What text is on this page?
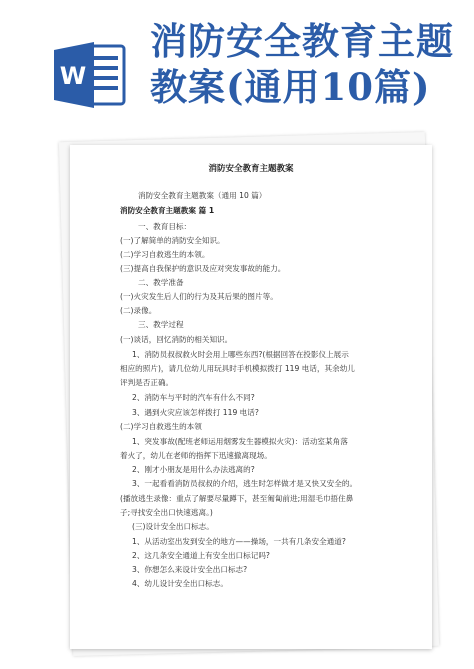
W
消防安全教育主题
教案(通用10篇)
消防安全教育主题教案
消防安全教育主题教案（通用 10 篇）
消防安全教育主题教案 篇 1
一、教育目标：
(一)了解简单的消防安全知识。
(二)学习自救逃生的本领。
(三)提高自我保护的意识及应对突发事故的能力。
二、教学准备
(一)火灾发生后人们的行为及其后果的图片等。
(二)录像。
三、教学过程
(一)谈话，回忆消防的相关知识。
1、消防员叔叔救火时会用上哪些东西?(根据回答在投影仪上展示
相应的照片)，请几位幼儿用玩具时手机模拟拨打 119 电话，其余幼儿
评判是否正确。
2、消防车与平时的汽车有什么不同?
3、遇到火灾应该怎样拨打 119 电话?
(二)学习自救逃生的本领
1、突发事故(配班老师运用烟雾发生器模拟火灾)：活动室某角落
着火了，幼儿在老师的指挥下迅速撤离现场。
2、刚才小朋友是用什么办法逃离的?
3、一起看看消防员叔叔的介绍，逃生时怎样做才是又快又安全的。
(播放逃生录像：重点了解要尽量蹲下，甚至匍匐前进;用湿毛巾捂住鼻
子;寻找安全出口快速逃离。)
(三)设计安全出口标志。
1、从活动室出发到安全的地方——操场，一共有几条安全通道?
2、这几条安全通道上有安全出口标记吗?
3、你想怎么来设计安全出口标志?
4、幼儿设计安全出口标志。
